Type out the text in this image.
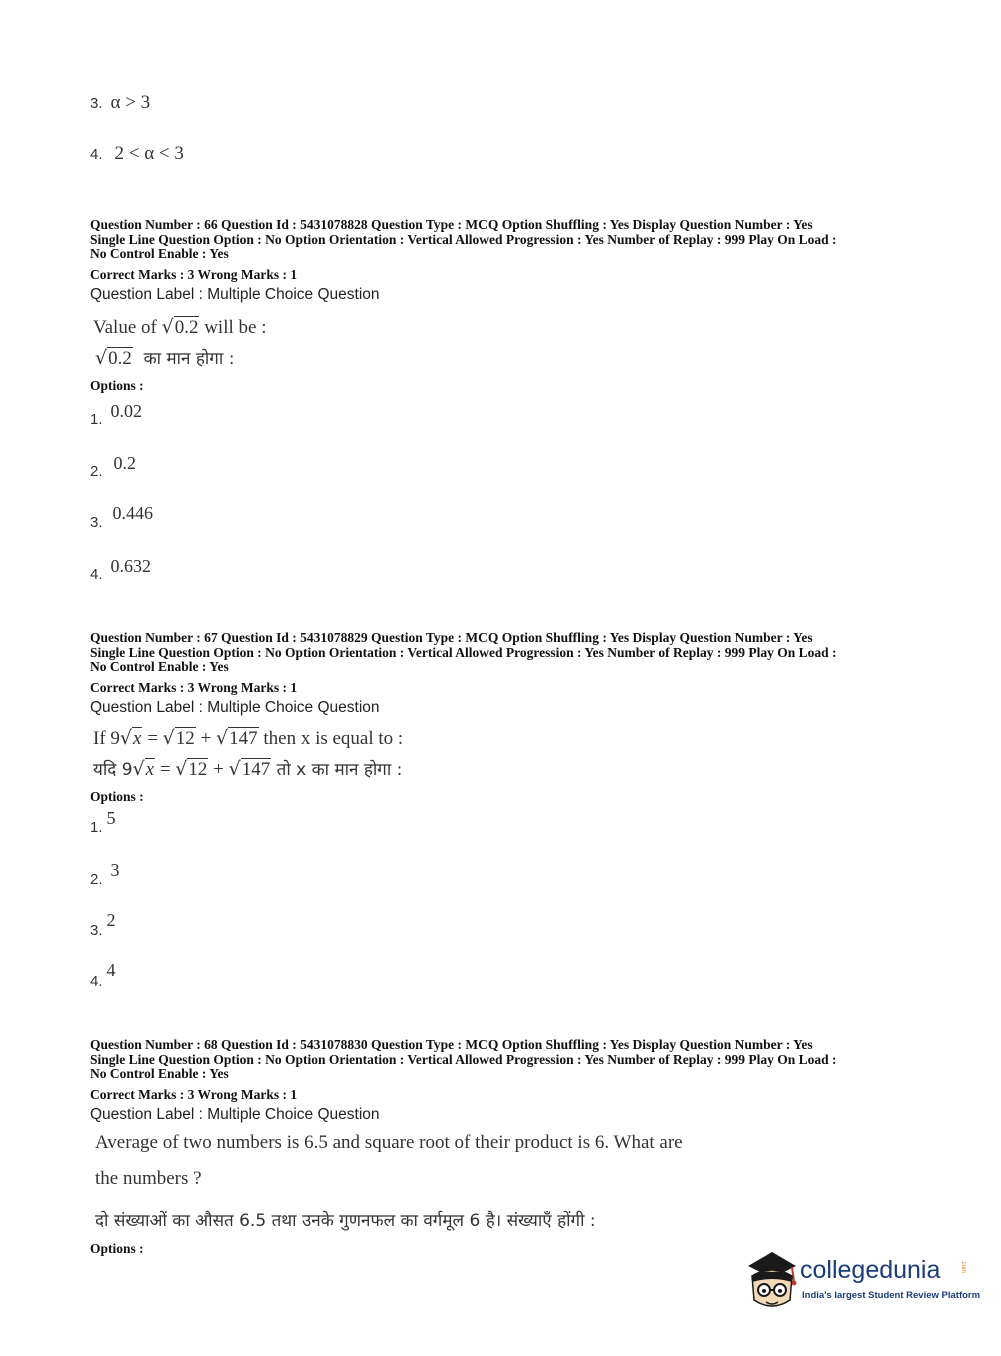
3. α > 3
4. 2 < α < 3
Question Number : 66 Question Id : 5431078828 Question Type : MCQ Option Shuffling : Yes Display Question Number : Yes
Single Line Question Option : No Option Orientation : Vertical Allowed Progression : Yes Number of Replay : 999 Play On Load :
No Control Enable : Yes
Correct Marks : 3 Wrong Marks : 1
Question Label : Multiple Choice Question
Value of √0.2 will be :
√0.2 का मान होगा :
Options :
1. 0.02
2. 0.2
3. 0.446
4. 0.632
Question Number : 67 Question Id : 5431078829 Question Type : MCQ Option Shuffling : Yes Display Question Number : Yes
Single Line Question Option : No Option Orientation : Vertical Allowed Progression : Yes Number of Replay : 999 Play On Load :
No Control Enable : Yes
Correct Marks : 3 Wrong Marks : 1
Question Label : Multiple Choice Question
If 9√x = √12 + √147 then x is equal to :
यदि 9√x = √12 + √147 तो x का मान होगा :
Options :
1. 5
2. 3
3. 2
4. 4
Question Number : 68 Question Id : 5431078830 Question Type : MCQ Option Shuffling : Yes Display Question Number : Yes
Single Line Question Option : No Option Orientation : Vertical Allowed Progression : Yes Number of Replay : 999 Play On Load :
No Control Enable : Yes
Correct Marks : 3 Wrong Marks : 1
Question Label : Multiple Choice Question
Average of two numbers is 6.5 and square root of their product is 6. What are
the numbers ?
दो संख्याओं का औसत 6.5 तथा उनके गुणनफल का वर्गमूल 6 है। संख्याएँ होंगी :
Options :
collegedunia	.com
India's largest Student Review Platform
